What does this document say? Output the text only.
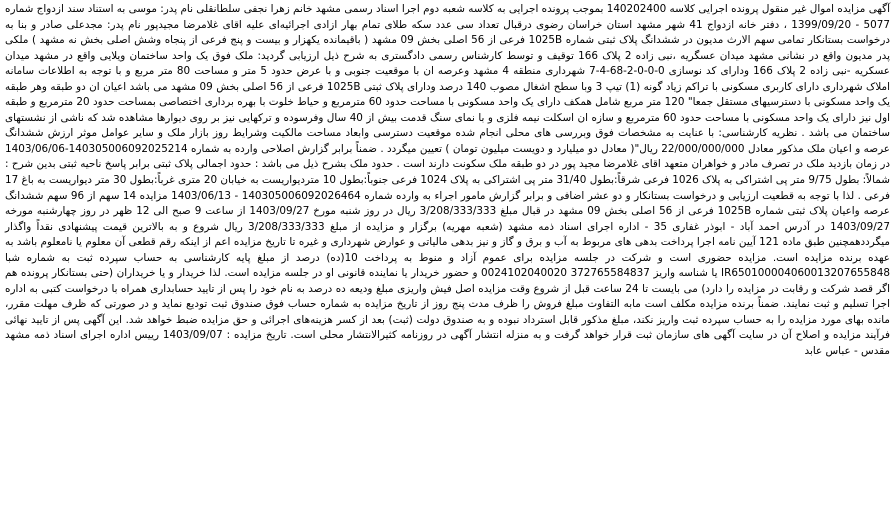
آگهی مزایده اموال غیر منقول پرونده اجرایی کلاسه 140202400 بموجب پرونده اجرایی به کلاسه شعبه دوم اجرا اسناد رسمی مشهد خانم زهرا نجفی سلطانقلی نام پدر: موسی به استناد سند ازدواج شماره 5077 - 1399/09/20 ، دفتر خانه ازدواج 41 شهر مشهد استان خراسان رضوی درقبال تعداد سی عدد سکه طلای تمام بهار ازادی اجرائیه‌ای علیه اقای غلامرضا مجیدپور نام پدر: مجدعلی صادر و بنا به درخواست بستانکار تمامی سهم الارث مدیون در ششدانگ پلاک ثبتی شماره 1025B فرعی از 56 اصلی بخش 09 مشهد ( باقیمانده یکهزار و بیست و پنج فرعی از پنجاه وشش اصلی بخش نه مشهد ) ملکی پدر مدیون واقع در نشانی مشهد میدان عسگریه ،نبی زاده 2 پلاک 166 توقیف و توسط کارشناس رسمی دادگستری به شرح ذیل ارزیابی گردید: ملک فوق یک واحد ساختمان ویلایی واقع در مشهد میدان عسکریه -نبی زاده 2 پلاک 166 ودارای کد نوسازی 0-0-0-2-68-4-7 شهرداری منطقه 4 مشهد وعرصه ان با موقعیت جنوبی و با عرض حدود 5 متر و مساحت 80 متر مربع و با توجه به اطلاعات سامانه املاک شهرداری دارای کاربری مسکونی با تراکم زیاد گونه (1) تیپ 3 وبا سطح اشغال مصوب 140 درصد ودارای پلاک ثبتی 1025B فرعی از 56 اصلی بخش 09 مشهد می باشد اعیان ان دو طبقه وهر طبقه یک واحد مسکونی با دسترسیهای مستقل جمعا" 120 متر مربع شامل همکف دارای یک واحد مسکونی با مساحت حدود 60 مترمربع و حیاط خلوت با بهره برداری اختصاصی بمساحت حدود 20 مترمربع و طبقه اول نیز دارای یک واحد مسکونی با مساحت حدود 60 مترمربع و سازه ان اسکلت نیمه فلزی و با نمای سنگ قدمت بیش از 40 سال وفرسوده و ترکهایی نیز بر روی دیوارها مشاهده شد که ناشی از نشستهای ساختمان می باشد . نظریه کارشناسی: با عنایت به مشخصات فوق وبررسی های محلی انجام شده موقعیت دسترسی وابعاد مساحت مالکیت وشرایط روز بازار ملک و سایر عوامل موثر ارزش ششدانگ عرصه و اعیان ملک مذکور معادل 22/000/000/000 ریال"( معادل دو میلیارد و دویست میلیون تومان ) تعیین میگردد . ضمناً برابر گزارش اصلاحی وارده به شماره 140305006092025214-1403/06/06 در زمان بازدید ملک در تصرف مادر و خواهران متعهد اقای غلامرضا مجید پور در دو طبقه ملک سکونت دارند است . حدود ملک بشرح ذیل می باشد : حدود اجمالی پلاک ثبتی برابر پاسخ ناحیه ثبتی بدین شرح : شمالاً: بطول 9/75 متر پی اشتراکی به پلاک 1026 فرعی شرقاً:بطول 31/40 متر پی اشتراکی به پلاک 1024 فرعی جنوباً:بطول 10 متردیواریست به خیابان 20 متری غرباً:بطول 30 متر دیواریست به باغ 17 فرعی . لذا با توجه به قطعیت ارزیابی و درخواست بستانکار و دو عشر اضافی و برابر گزارش مامور اجراء به وارده شماره 140305006092026464 - 1403/06/13 مزایده 14 سهم از 96 سهم ششدانگ عرصه واعیان پلاک ثبتی شماره 1025B فرعی از 56 اصلی بخش 09 مشهد در قبال مبلغ 3/208/333/333 ریال در روز شنبه مورخ 1403/09/27 از ساعت 9 صبح الی 12 ظهر در روز چهارشنبه مورخه 1403/09/27 در آدرس احمد آباد - ابوذر غفاری 35 - اداره اجرای اسناد ذمه مشهد (شعبه مهریه) برگزار و مزایده از مبلغ 3/208/333/333 ریال شروع و به بالاترین قیمت پیشنهادی نقداً واگذار میگرددهمچنین طبق ماده 121 آیین نامه اجرا پرداخت بدهی های مربوط به آب و برق و گاز و نیز بدهی مالیاتی و عوارض شهرداری و غیره تا تاریخ مزایده اعم از اینکه رقم قطعی آن معلوم یا نامعلوم باشد به عهده برنده مزایده است. مزایده حضوری است و شرکت در جلسه مزایده برای عموم آزاد و منوط به پرداخت 10(ده) درصد از مبلغ پایه کارشناسی به حساب سپرده ثبت به شماره شبا IR650100004060013207655848 یا شناسه واریز 372765584837 0024102040020 و حضور خریدار یا نماینده قانونی او در جلسه مزایده است. لذا خریدار و یا خریداران (حتی بستانکار پرونده هم اگر قصد شرکت و رقابت در مزایده را دارد) می بایست تا 24 ساعت قبل از شروع وقت مزایده اصل فیش واریزی مبلغ ودیعه ده درصد به نام خود را پس از تایید حسابداری همراه با درخواست کتبی به اداره اجرا تسلیم و ثبت نمایند. ضمناً برنده مزایده مکلف است مابه التفاوت مبلغ فروش را ظرف مدت پنج روز از تاریخ مزایده به شماره حساب فوق صندوق ثبت تودیع نماید و در صورتی که ظرف مهلت مقرر، مانده بهای مورد مزایده را به حساب سپرده ثبت واریز نکند، مبلغ مذکور قابل استرداد نبوده و به صندوق دولت (ثبت) بعد از کسر هزینه‌های اجرائی و حق مزایده ضبط خواهد شد. این آگهی پس از تایید نهائی فرآیند مزایده و اصلاح آن در سایت آگهی های سازمان ثبت قرار خواهد گرفت و به منزله انتشار آگهی در روزنامه کثیرالانتشار محلی است. تاریخ مزایده : 1403/09/07 رییس اداره اجرای اسناد ذمه مشهد مقدس - عباس عابد
